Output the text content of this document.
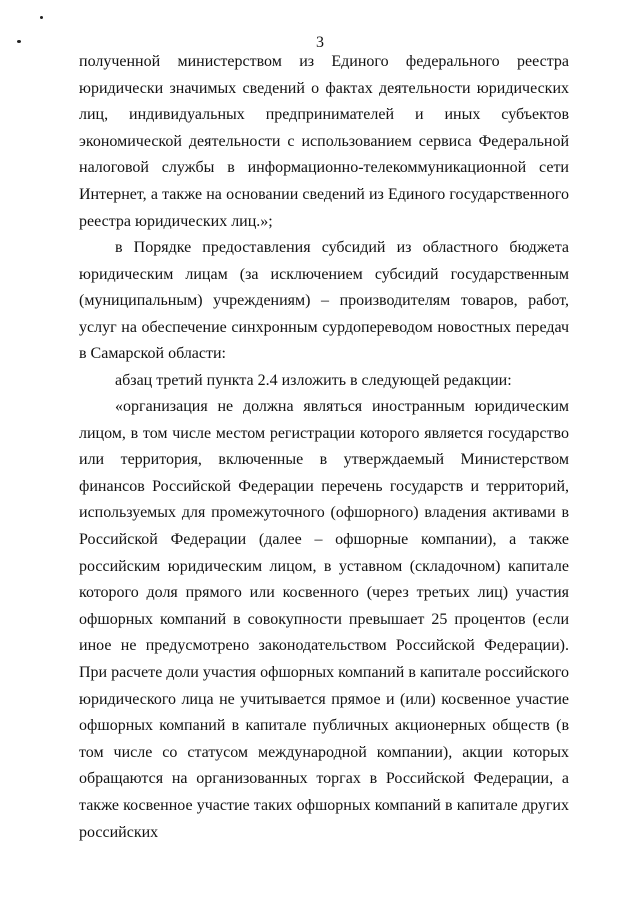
3

полученной министерством из Единого федерального реестра юридически значимых сведений о фактах деятельности юридических лиц, индивидуальных предпринимателей и иных субъектов экономической деятельности с использованием сервиса Федеральной налоговой службы в информационно-телекоммуникационной сети Интернет, а также на основании сведений из Единого государственного реестра юридических лиц.»;

в Порядке предоставления субсидий из областного бюджета юридическим лицам (за исключением субсидий государственным (муниципальным) учреждениям) – производителям товаров, работ, услуг на обеспечение синхронным сурдопереводом новостных передач в Самарской области:

абзац третий пункта 2.4 изложить в следующей редакции:

«организация не должна являться иностранным юридическим лицом, в том числе местом регистрации которого является государство или территория, включенные в утверждаемый Министерством финансов Российской Федерации перечень государств и территорий, используемых для промежуточного (офшорного) владения активами в Российской Федерации (далее – офшорные компании), а также российским юридическим лицом, в уставном (складочном) капитале которого доля прямого или косвенного (через третьих лиц) участия офшорных компаний в совокупности превышает 25 процентов (если иное не предусмотрено законодательством Российской Федерации). При расчете доли участия офшорных компаний в капитале российского юридического лица не учитывается прямое и (или) косвенное участие офшорных компаний в капитале публичных акционерных обществ (в том числе со статусом международной компании), акции которых обращаются на организованных торгах в Российской Федерации, а также косвенное участие таких офшорных компаний в капитале других российских
